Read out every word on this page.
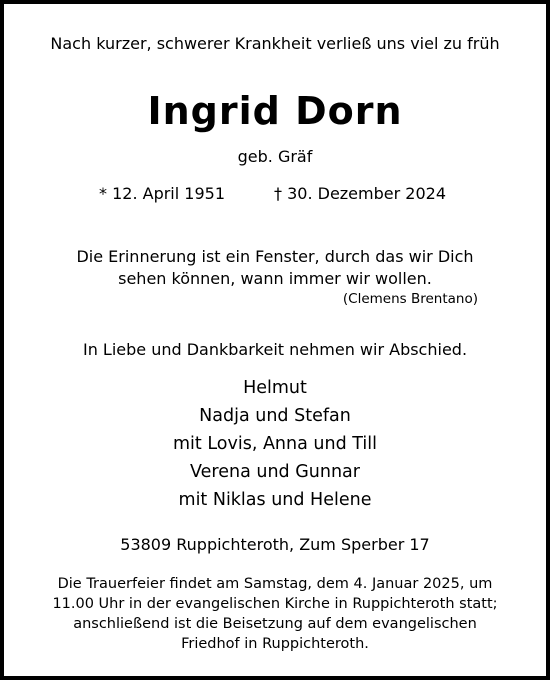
Nach kurzer, schwerer Krankheit verließ uns viel zu früh
Ingrid Dorn
geb. Gräf
* 12. April 1951	† 30. Dezember 2024
Die Erinnerung ist ein Fenster, durch das wir Dich
sehen können, wann immer wir wollen.
(Clemens Brentano)
In Liebe und Dankbarkeit nehmen wir Abschied.
Helmut
Nadja und Stefan
mit Lovis, Anna und Till
Verena und Gunnar
mit Niklas und Helene
53809 Ruppichteroth, Zum Sperber 17
Die Trauerfeier findet am Samstag, dem 4. Januar 2025, um
11.00 Uhr in der evangelischen Kirche in Ruppichteroth statt;
anschließend ist die Beisetzung auf dem evangelischen
Friedhof in Ruppichteroth.
